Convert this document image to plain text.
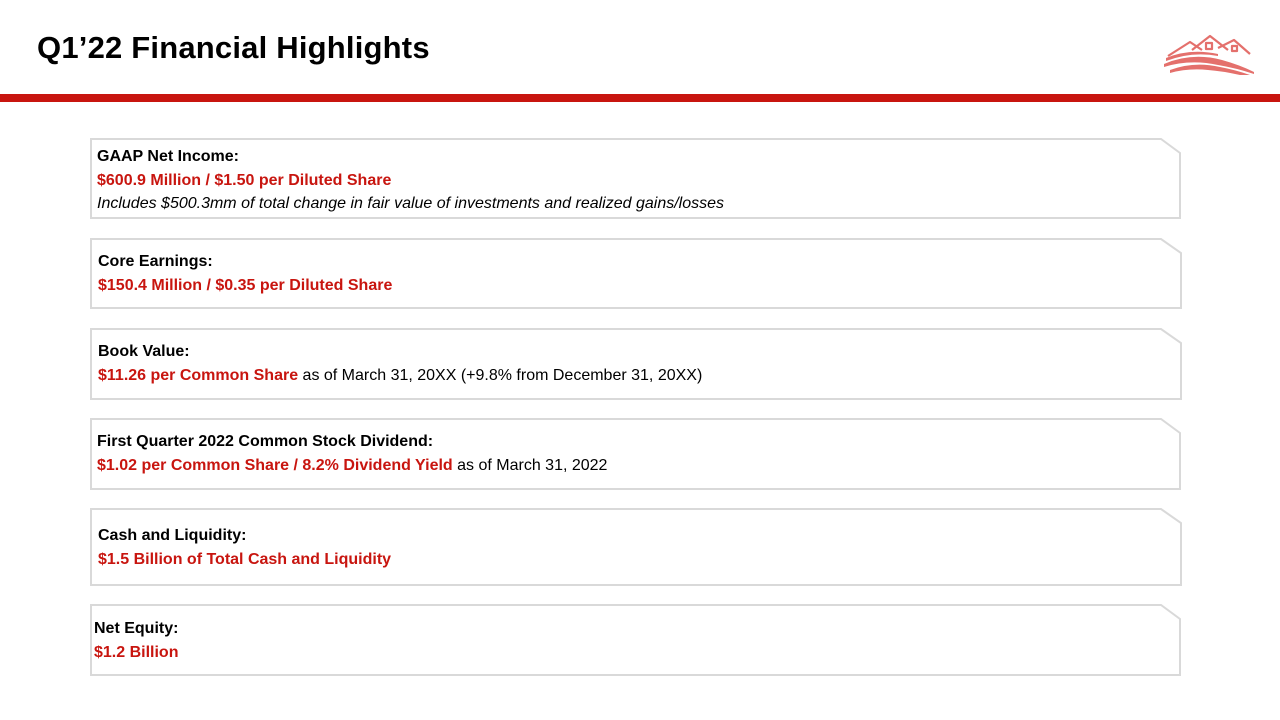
Q1’22 Financial Highlights
GAAP Net Income:
$600.9 Million / $1.50 per Diluted Share
Includes $500.3mm of total change in fair value of investments and realized gains/losses
Core Earnings:
$150.4 Million / $0.35 per Diluted Share
Book Value:
$11.26 per Common Share as of March 31, 20XX (+9.8% from December 31, 20XX)
First Quarter 2022 Common Stock Dividend:
$1.02 per Common Share / 8.2% Dividend Yield as of March 31, 2022
Cash and Liquidity:
$1.5 Billion of Total Cash and Liquidity
Net Equity:
$1.2 Billion
